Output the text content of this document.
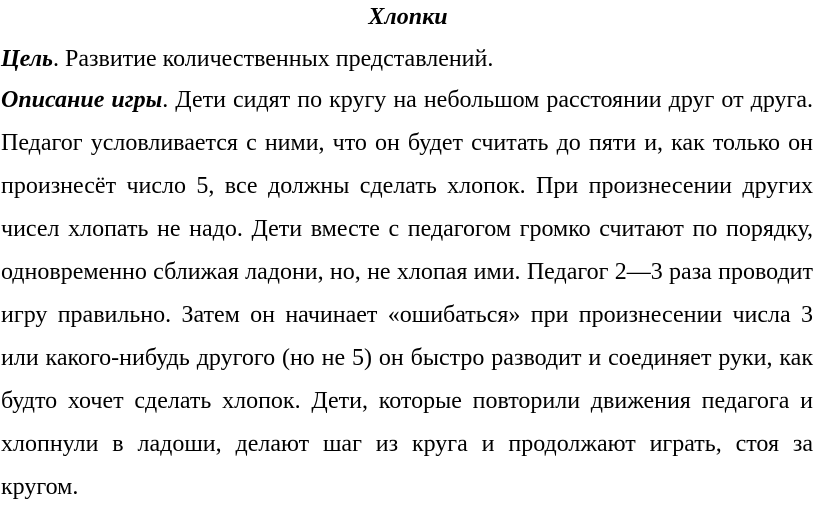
Хлопки
Цель. Развитие количественных представлений.
Описание игры. Дети сидят по кругу на небольшом расстоянии друг от друга.
Педагог условливается с ними, что он будет считать до пяти и, как только он
произнесёт число 5, все должны сделать хлопок. При произнесении других
чисел хлопать не надо. Дети вместе с педагогом громко считают по порядку,
одновременно сближая ладони, но, не хлопая ими. Педагог 2—3 раза проводит
игру правильно. Затем он начинает «ошибаться» при произнесении числа 3
или какого-нибудь другого (но не 5) он быстро разводит и соединяет руки, как
будто хочет сделать хлопок. Дети, которые повторили движения педагога и
хлопнули в ладоши, делают шаг из круга и продолжают играть, стоя за
кругом.
